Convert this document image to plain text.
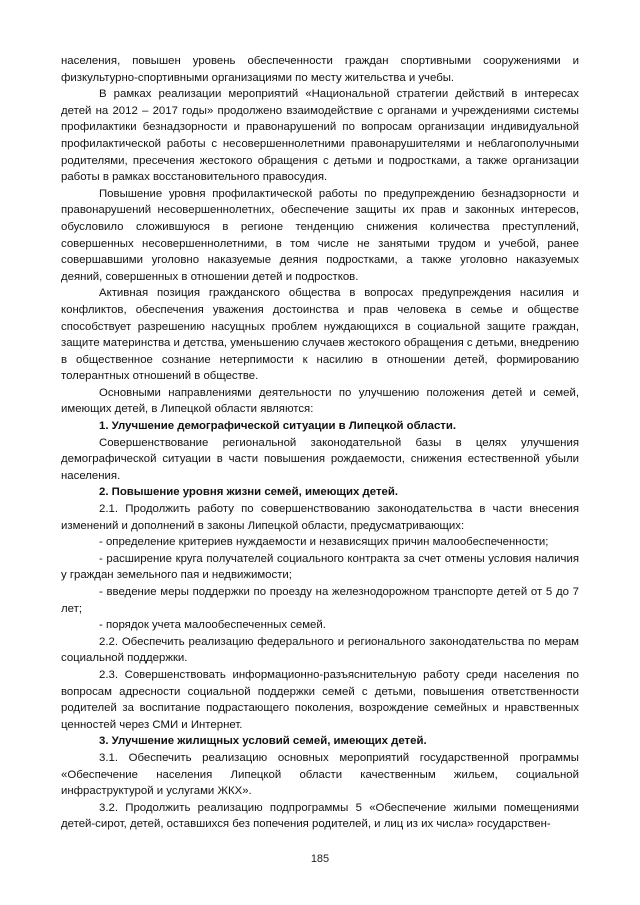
населения, повышен уровень обеспеченности граждан спортивными сооружениями и физкультурно-спортивными организациями по месту жительства и учебы.

В рамках реализации мероприятий «Национальной стратегии действий в интересах детей на 2012 – 2017 годы» продолжено взаимодействие с органами и учреждениями системы профилактики безнадзорности и правонарушений по вопросам организации индивидуальной профилактической работы с несовершеннолетними правонарушителями и неблагополучными родителями, пресечения жестокого обращения с детьми и подростками, а также организации работы в рамках восстановительного правосудия.

Повышение уровня профилактической работы по предупреждению безнадзорности и правонарушений несовершеннолетних, обеспечение защиты их прав и законных интересов, обусловило сложившуюся в регионе тенденцию снижения количества преступлений, совершенных несовершеннолетними, в том числе не занятыми трудом и учебой, ранее совершавшими уголовно наказуемые деяния подростками, а также уголовно наказуемых деяний, совершенных в отношении детей и подростков.

Активная позиция гражданского общества в вопросах предупреждения насилия и конфликтов, обеспечения уважения достоинства и прав человека в семье и обществе способствует разрешению насущных проблем нуждающихся в социальной защите граждан, защите материнства и детства, уменьшению случаев жестокого обращения с детьми, внедрению в общественное сознание нетерпимости к насилию в отношении детей, формированию толерантных отношений в обществе.

Основными направлениями деятельности по улучшению положения детей и семей, имеющих детей, в Липецкой области являются:

1. Улучшение демографической ситуации в Липецкой области.

Совершенствование региональной законодательной базы в целях улучшения демографической ситуации в части повышения рождаемости, снижения естественной убыли населения.

2. Повышение уровня жизни семей, имеющих детей.

2.1. Продолжить работу по совершенствованию законодательства в части внесения изменений и дополнений в законы Липецкой области, предусматривающих:

- определение критериев нуждаемости и независящих причин малообеспеченности;

- расширение круга получателей социального контракта за счет отмены условия наличия у граждан земельного пая и недвижимости;

- введение меры поддержки по проезду на железнодорожном транспорте детей от 5 до 7 лет;

- порядок учета малообеспеченных семей.

2.2. Обеспечить реализацию федерального и регионального законодательства по мерам социальной поддержки.

2.3. Совершенствовать информационно-разъяснительную работу среди населения по вопросам адресности социальной поддержки семей с детьми, повышения ответственности родителей за воспитание подрастающего поколения, возрождение семейных и нравственных ценностей через СМИ и Интернет.

3. Улучшение жилищных условий семей, имеющих детей.

3.1. Обеспечить реализацию основных мероприятий государственной программы «Обеспечение населения Липецкой области качественным жильем, социальной инфраструктурой и услугами ЖКХ».

3.2. Продолжить реализацию подпрограммы 5 «Обеспечение жилыми помещениями детей-сирот, детей, оставшихся без попечения родителей, и лиц из их числа» государствен-

185
